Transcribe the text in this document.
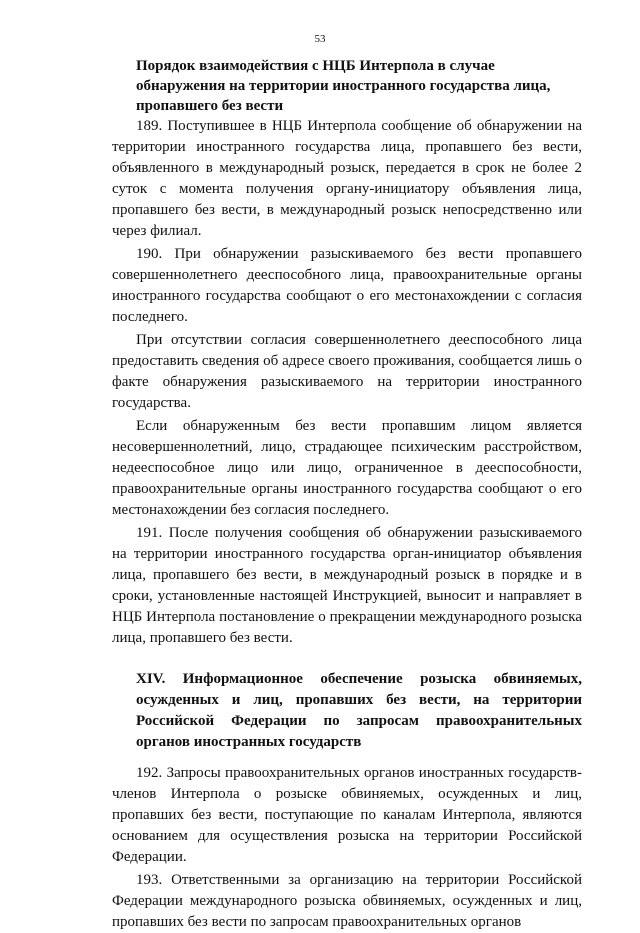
53

Порядок взаимодействия с НЦБ Интерпола в случае обнаружения на территории иностранного государства лица, пропавшего без вести

189. Поступившее в НЦБ Интерпола сообщение об обнаружении на территории иностранного государства лица, пропавшего без вести, объявленного в международный розыск, передается в срок не более 2 суток с момента получения органу-инициатору объявления лица, пропавшего без вести, в международный розыск непосредственно или через филиал.

190. При обнаружении разыскиваемого без вести пропавшего совершеннолетнего дееспособного лица, правоохранительные органы иностранного государства сообщают о его местонахождении с согласия последнего.

При отсутствии согласия совершеннолетнего дееспособного лица предоставить сведения об адресе своего проживания, сообщается лишь о факте обнаружения разыскиваемого на территории иностранного государства.

Если обнаруженным без вести пропавшим лицом является несовершеннолетний, лицо, страдающее психическим расстройством, недееспособное лицо или лицо, ограниченное в дееспособности, правоохранительные органы иностранного государства сообщают о его местонахождении без согласия последнего.

191. После получения сообщения об обнаружении разыскиваемого на территории иностранного государства орган-инициатор объявления лица, пропавшего без вести, в международный розыск в порядке и в сроки, установленные настоящей Инструкцией, выносит и направляет в НЦБ Интерпола постановление о прекращении международного розыска лица, пропавшего без вести.

XIV. Информационное обеспечение розыска обвиняемых, осужденных и лиц, пропавших без вести, на территории Российской Федерации по запросам правоохранительных органов иностранных государств

192. Запросы правоохранительных органов иностранных государств-членов Интерпола о розыске обвиняемых, осужденных и лиц, пропавших без вести, поступающие по каналам Интерпола, являются основанием для осуществления розыска на территории Российской Федерации.

193. Ответственными за организацию на территории Российской Федерации международного розыска обвиняемых, осужденных и лиц, пропавших без вести по запросам правоохранительных органов
